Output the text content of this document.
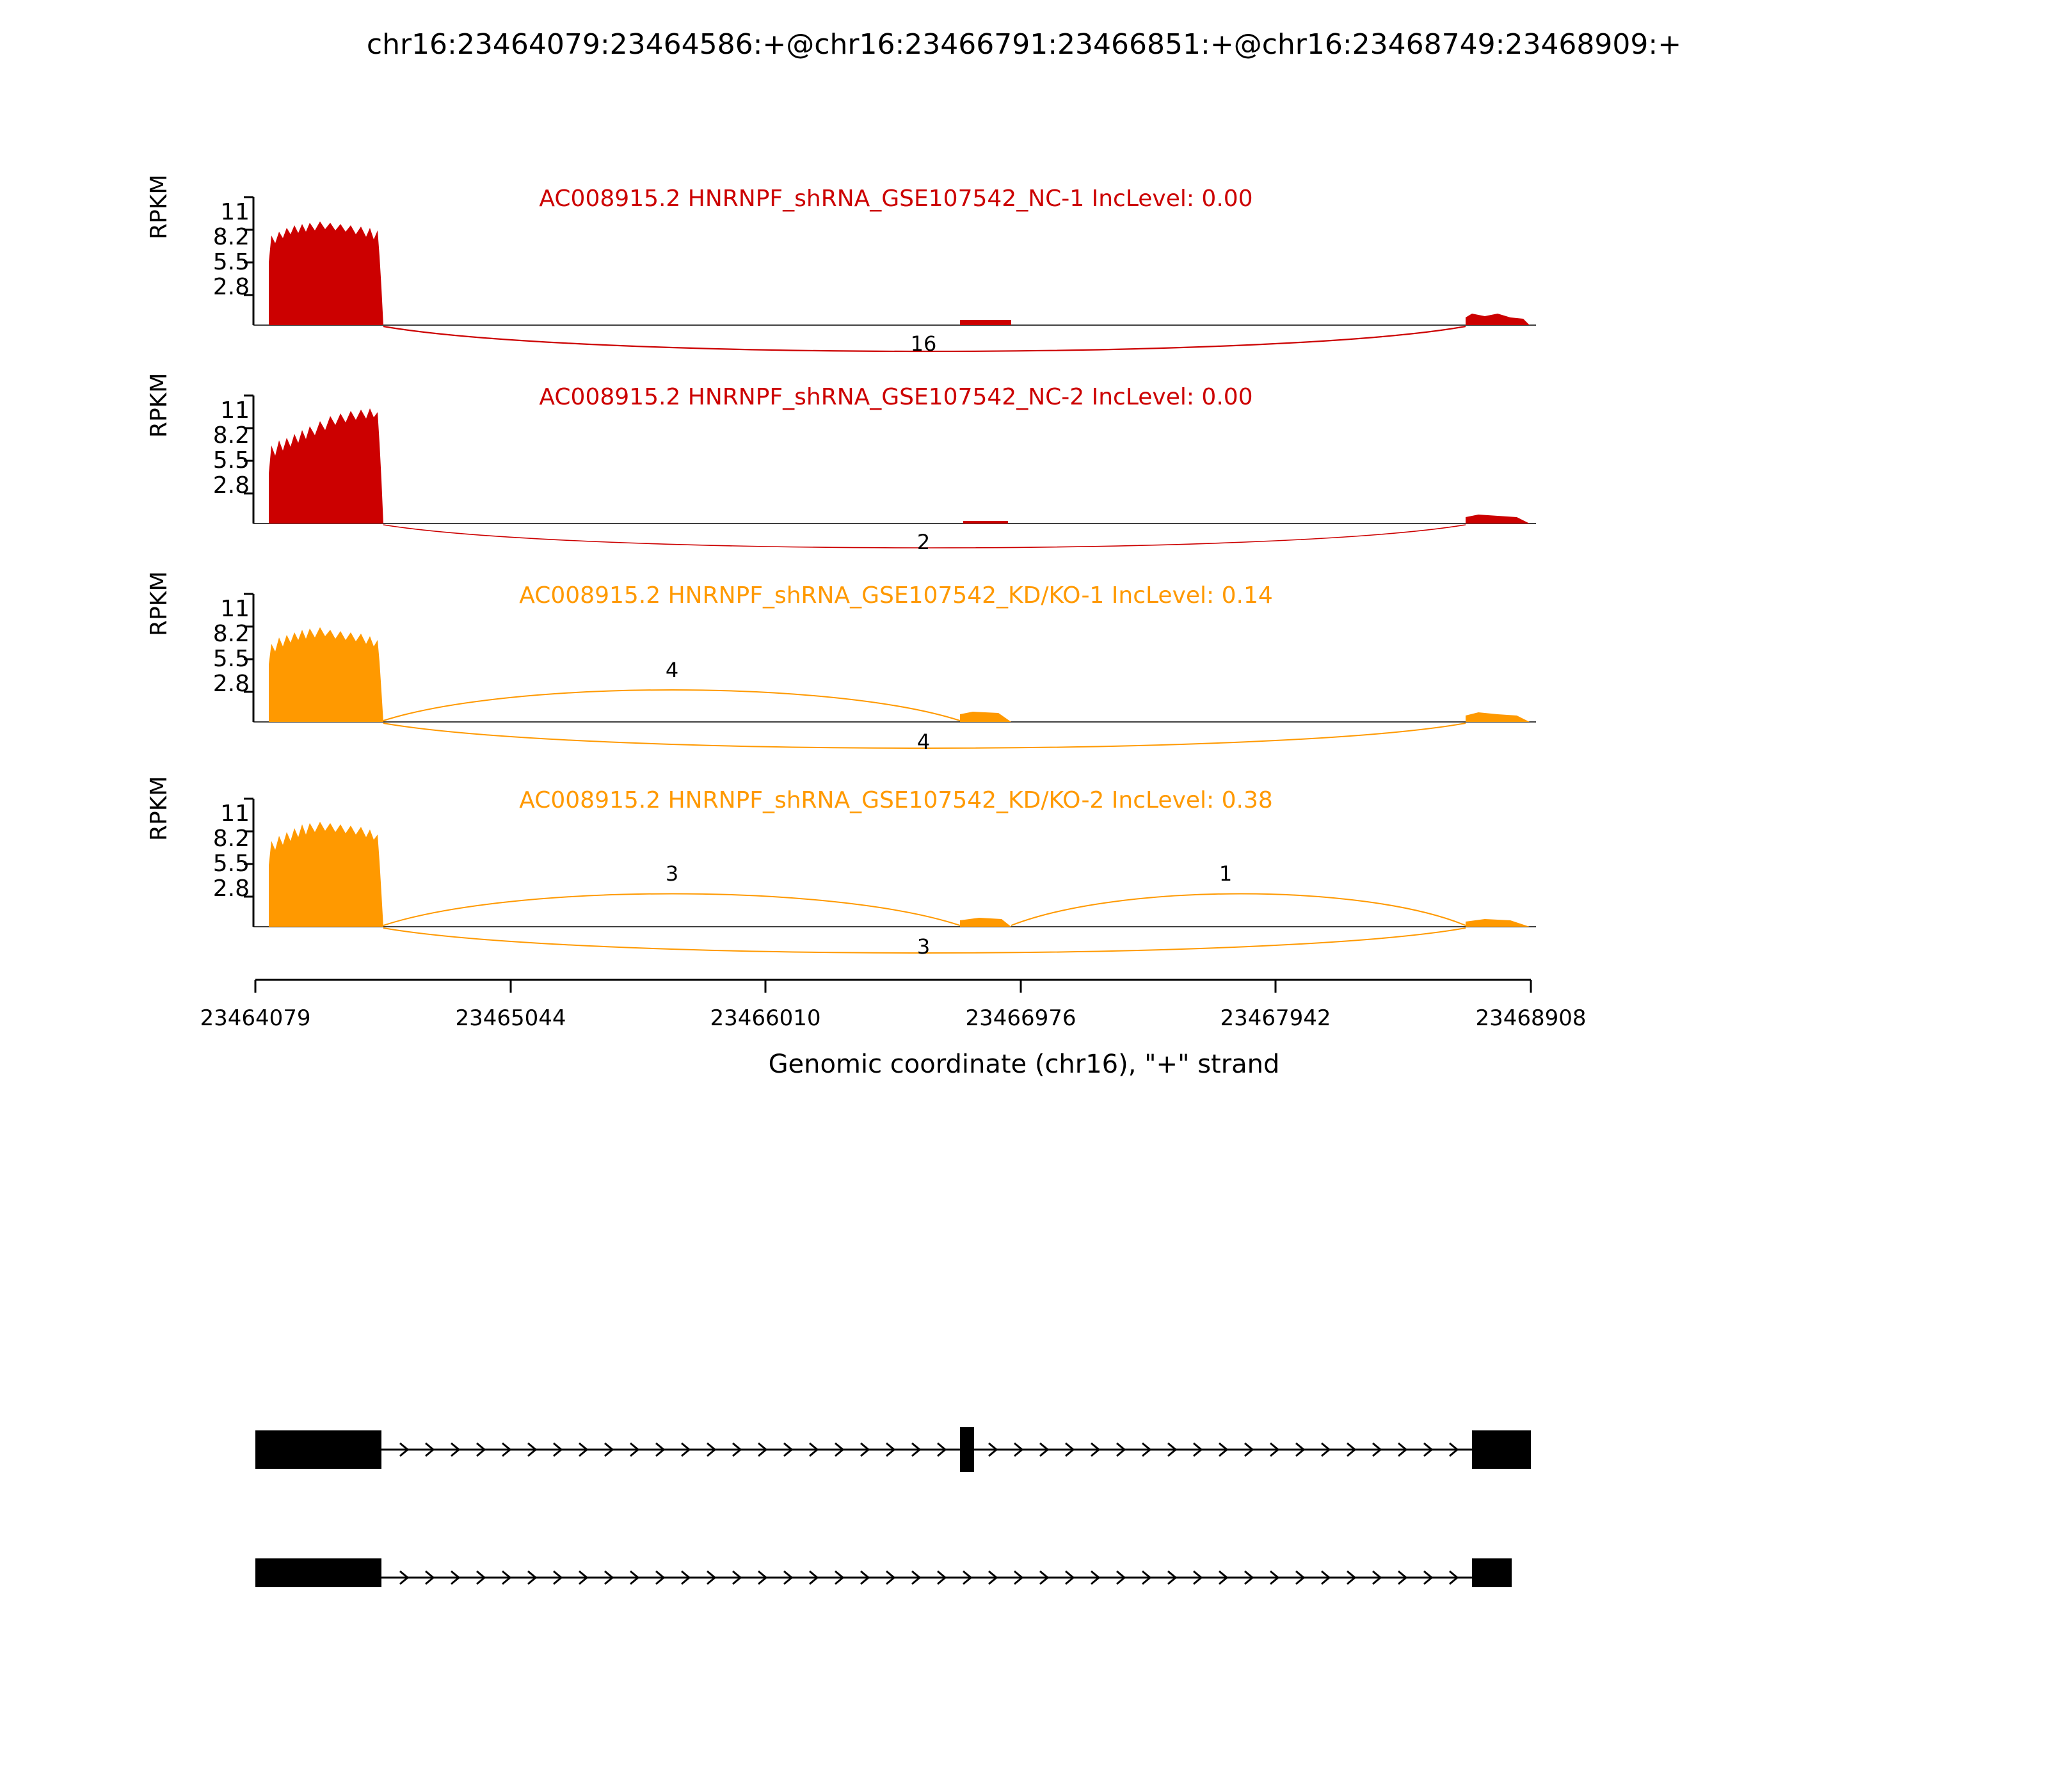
chr16:23464079:23464586:+@chr16:23466791:23466851:+@chr16:23468749:23468909:+
AC008915.2 HNRNPF_shRNA_GSE107542_NC-1 IncLevel: 0.00
RPKM	11
8.2
5.5
2.8
16
AC008915.2 HNRNPF_shRNA_GSE107542_NC-2 IncLevel: 0.00
RPKM	11
8.2
5.5
2.8
2
AC008915.2 HNRNPF_shRNA_GSE107542_KD/KO-1 IncLevel: 0.14
RPKM	11
8.2
5.5
2.8
4
4
AC008915.2 HNRNPF_shRNA_GSE107542_KD/KO-2 IncLevel: 0.38
RPKM	11
8.2
5.5
2.8
3	1
3
23464079	23465044	23466010	23466976	23467942	23468908
Genomic coordinate (chr16), "+" strand
